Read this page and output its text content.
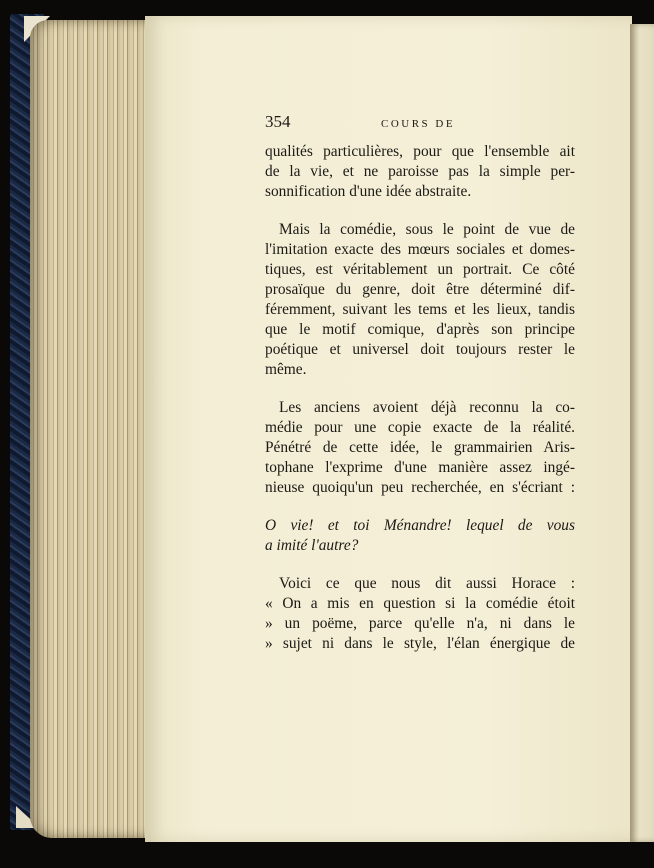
354	COURS DE
qualités particulières, pour que l'ensemble ait
de la vie, et ne paroisse pas la simple per-
sonnification d'une idée abstraite.
Mais la comédie, sous le point de vue de
l'imitation exacte des mœurs sociales et domes-
tiques, est véritablement un portrait. Ce côté
prosaïque du genre, doit être déterminé dif-
féremment, suivant les tems et les lieux, tandis
que le motif comique, d'après son principe
poétique et universel doit toujours rester le
même.
Les anciens avoient déjà reconnu la co-
médie pour une copie exacte de la réalité.
Pénétré de cette idée, le grammairien Aris-
tophane l'exprime d'une manière assez ingé-
nieuse quoiqu'un peu recherchée, en s'écriant :
O vie! et toi Ménandre! lequel de vous
a imité l'autre?
Voici ce que nous dit aussi Horace :
« On a mis en question si la comédie étoit
» un poëme, parce qu'elle n'a, ni dans le
» sujet ni dans le style, l'élan énergique de
